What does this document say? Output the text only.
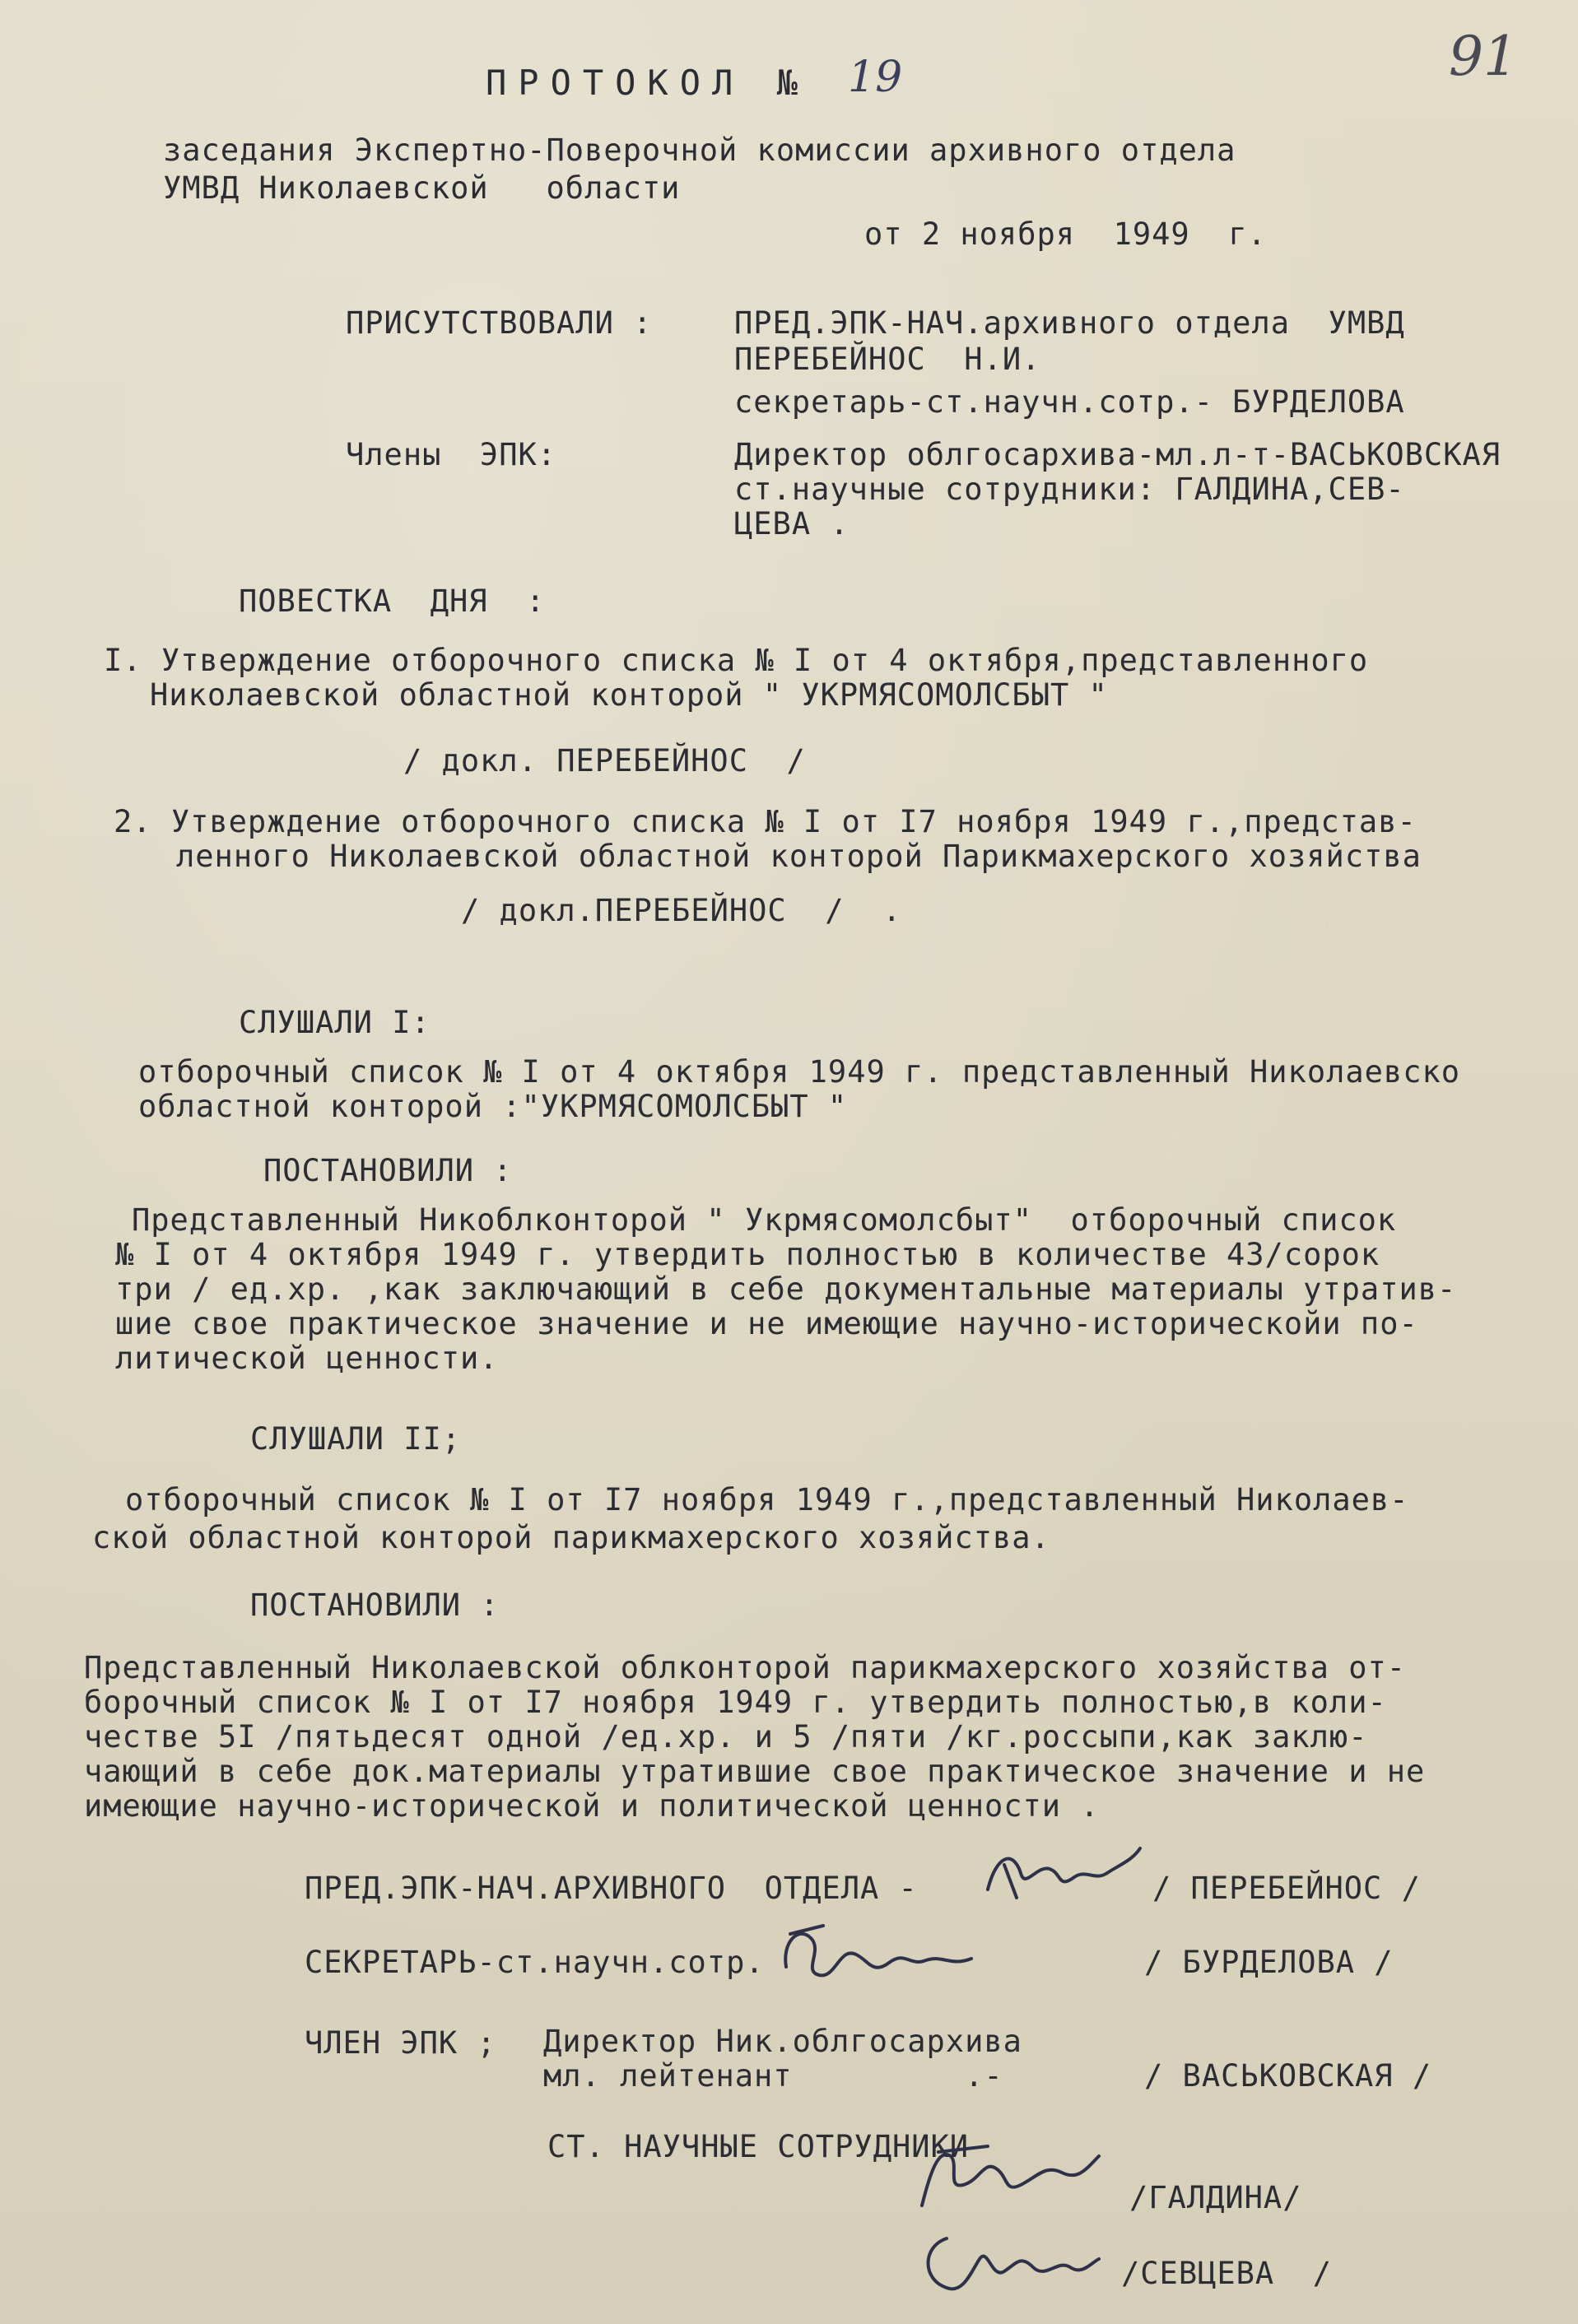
91
ПРОТОКОЛ № 19
заседания Экспертно-Поверочной комиссии архивного отдела
УМВД Николаевской   области
от 2 ноября  1949  г.
ПРИСУТСТВОВАЛИ :	ПРЕД.ЭПК-НАЧ.архивного отдела  УМВД
ПЕРЕБЕЙНОС  Н.И.
секретарь-ст.научн.сотр.- БУРДЕЛОВА
Члены  ЭПК:	Директор облгосархива-мл.л-т-ВАСЬКОВСКАЯ
ст.научные сотрудники: ГАЛДИНА,СЕВ-
ЦЕВА .
ПОВЕСТКА  ДНЯ  :
I. Утверждение отборочного списка № I от 4 октября,представленного
Николаевской областной конторой " УКРМЯСОМОЛСБЫТ "
/ докл. ПЕРЕБЕЙНОС  /
2. Утверждение отборочного списка № I от I7 ноября 1949 г.,представ-
ленного Николаевской областной конторой Парикмахерского хозяйства
/ докл.ПЕРЕБЕЙНОС  /  .
СЛУШАЛИ I:
отборочный список № I от 4 октября 1949 г. представленный Николаевско
областной конторой :"УКРМЯСОМОЛСБЫТ "
ПОСТАНОВИЛИ :
Представленный Никоблконторой " Укрмясомолсбыт"  отборочный список
№ I от 4 октября 1949 г. утвердить полностью в количестве 43/сорок
три / ед.хр. ,как заключающий в себе документальные материалы утратив-
шие свое практическое значение и не имеющие научно-историческойи по-
литической ценности.
СЛУШАЛИ II;
отборочный список № I от I7 ноября 1949 г.,представленный Николаев-
ской областной конторой парикмахерского хозяйства.
ПОСТАНОВИЛИ :
Представленный Николаевской облконторой парикмахерского хозяйства от-
борочный список № I от I7 ноября 1949 г. утвердить полностью,в коли-
честве 5I /пятьдесят одной /ед.хр. и 5 /пяти /кг.россыпи,как заклю-
чающий в себе док.материалы утратившие свое практическое значение и не
имеющие научно-исторической и политической ценности .
ПРЕД.ЭПК-НАЧ.АРХИВНОГО  ОТДЕЛА -	/ ПЕРЕБЕЙНОС /
СЕКРЕТАРЬ-ст.научн.сотр.	/ БУРДЕЛОВА /
ЧЛЕН ЭПК ; Директор Ник.облгосархива
мл. лейтенант         .-	/ ВАСЬКОВСКАЯ /
СТ. НАУЧНЫЕ СОТРУДНИКИ
/ГАЛДИНА/
/СЕВЦЕВА  /
